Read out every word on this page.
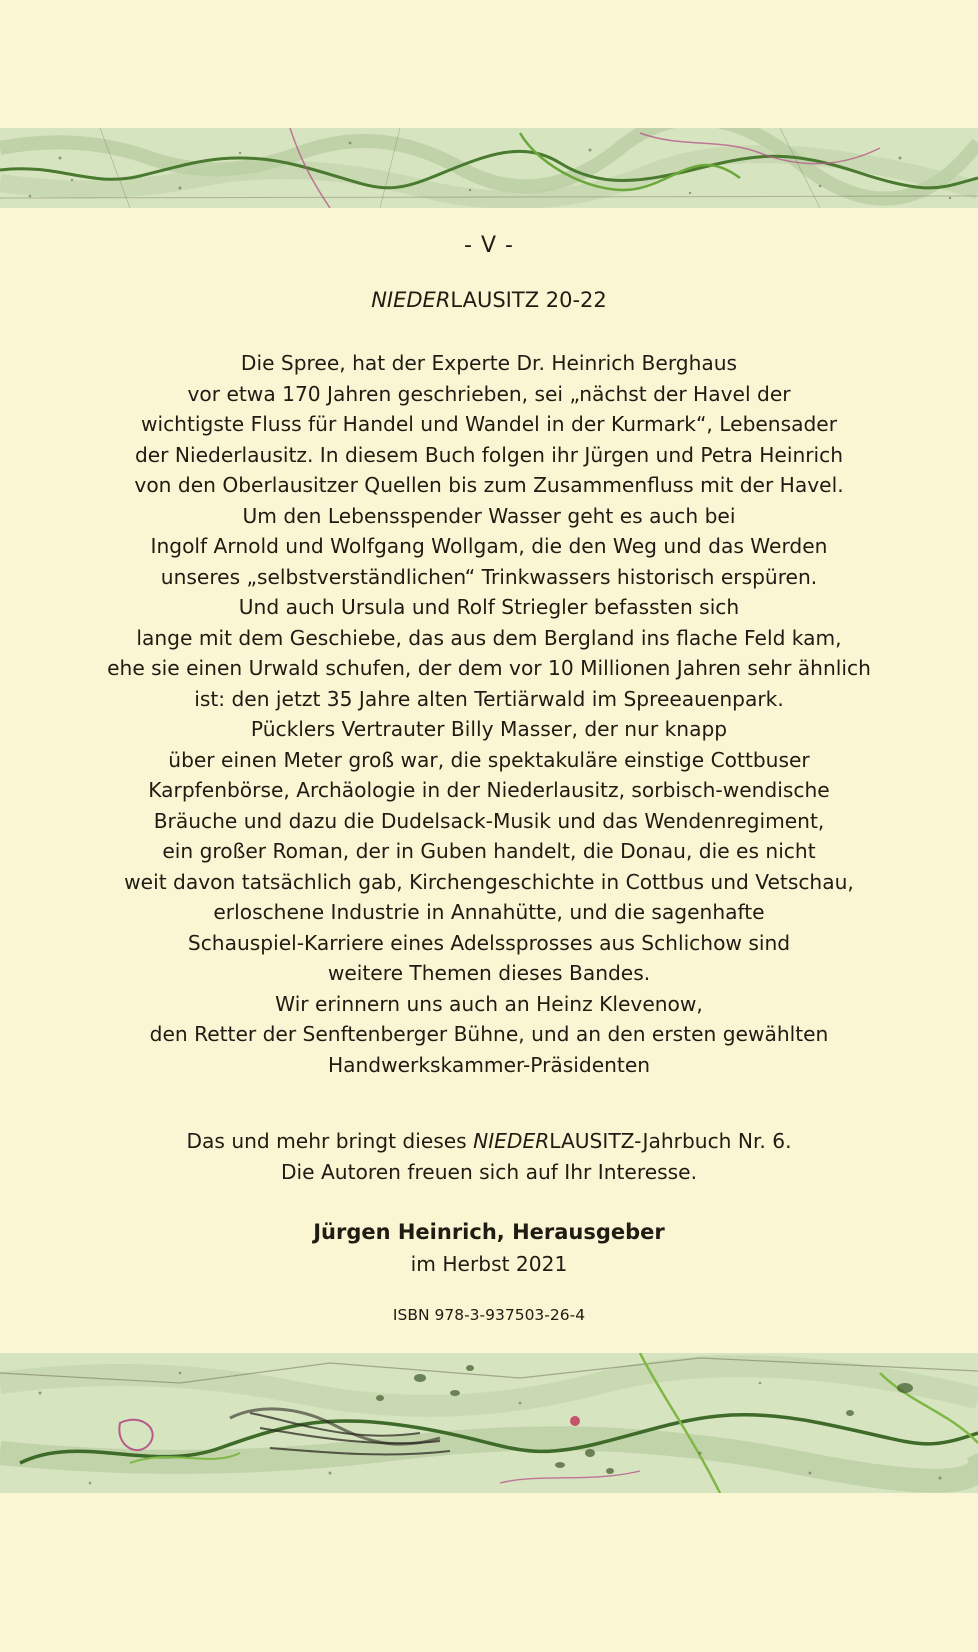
- V -
NIEDERLAUSITZ 20-22
Die Spree, hat der Experte Dr. Heinrich Berghaus
vor etwa 170 Jahren geschrieben, sei „nächst der Havel der
wichtigste Fluss für Handel und Wandel in der Kurmark“, Lebensader
der Niederlausitz. In diesem Buch folgen ihr Jürgen und Petra Heinrich
von den Oberlausitzer Quellen bis zum Zusammenfluss mit der Havel.
Um den Lebensspender Wasser geht es auch bei
Ingolf Arnold und Wolfgang Wollgam, die den Weg und das Werden
unseres „selbstverständlichen“ Trinkwassers historisch erspüren.
Und auch Ursula und Rolf Striegler befassten sich
lange mit dem Geschiebe, das aus dem Bergland ins flache Feld kam,
ehe sie einen Urwald schufen, der dem vor 10 Millionen Jahren sehr ähnlich
ist: den jetzt 35 Jahre alten Tertiärwald im Spreeauenpark.
Pücklers Vertrauter Billy Masser, der nur knapp
über einen Meter groß war, die spektakuläre einstige Cottbuser
Karpfenbörse, Archäologie in der Niederlausitz, sorbisch-wendische
Bräuche und dazu die Dudelsack-Musik und das Wendenregiment,
ein großer Roman, der in Guben handelt, die Donau, die es nicht
weit davon tatsächlich gab, Kirchengeschichte in Cottbus und Vetschau,
erloschene Industrie in Annahütte, und die sagenhafte
Schauspiel-Karriere eines Adelssprosses aus Schlichow sind
weitere Themen dieses Bandes.
Wir erinnern uns auch an Heinz Klevenow,
den Retter der Senftenberger Bühne, und an den ersten gewählten
Handwerkskammer-Präsidenten
Das und mehr bringt dieses NIEDERLAUSITZ-Jahrbuch Nr. 6.
Die Autoren freuen sich auf Ihr Interesse.
Jürgen Heinrich, Herausgeber
im Herbst 2021
ISBN 978-3-937503-26-4
